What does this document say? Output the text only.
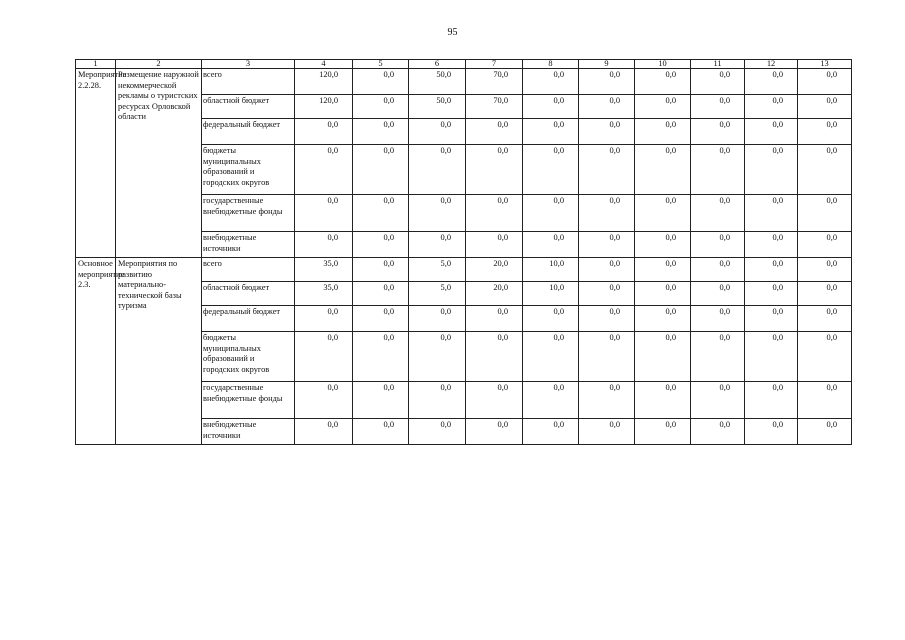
95
1	2	3	4	5	6	7	8	9	10	11	12	13
Мероприятие 2.2.28.	Размещение наружной некоммерческой рекламы о туристских ресурсах Орловской области	всего	120,0	0,0	50,0	70,0	0,0	0,0	0,0	0,0	0,0	0,0
		областной бюджет	120,0	0,0	50,0	70,0	0,0	0,0	0,0	0,0	0,0	0,0
		федеральный бюджет	0,0	0,0	0,0	0,0	0,0	0,0	0,0	0,0	0,0	0,0
		бюджеты муниципальных образований и городских округов	0,0	0,0	0,0	0,0	0,0	0,0	0,0	0,0	0,0	0,0
		государственные внебюджетные фонды	0,0	0,0	0,0	0,0	0,0	0,0	0,0	0,0	0,0	0,0
		внебюджетные источники	0,0	0,0	0,0	0,0	0,0	0,0	0,0	0,0	0,0	0,0
Основное мероприятие 2.3.	Мероприятия по развитию материально-технической базы туризма	всего	35,0	0,0	5,0	20,0	10,0	0,0	0,0	0,0	0,0	0,0
		областной бюджет	35,0	0,0	5,0	20,0	10,0	0,0	0,0	0,0	0,0	0,0
		федеральный бюджет	0,0	0,0	0,0	0,0	0,0	0,0	0,0	0,0	0,0	0,0
		бюджеты муниципальных образований и городских округов	0,0	0,0	0,0	0,0	0,0	0,0	0,0	0,0	0,0	0,0
		государственные внебюджетные фонды	0,0	0,0	0,0	0,0	0,0	0,0	0,0	0,0	0,0	0,0
		внебюджетные источники	0,0	0,0	0,0	0,0	0,0	0,0	0,0	0,0	0,0	0,0
